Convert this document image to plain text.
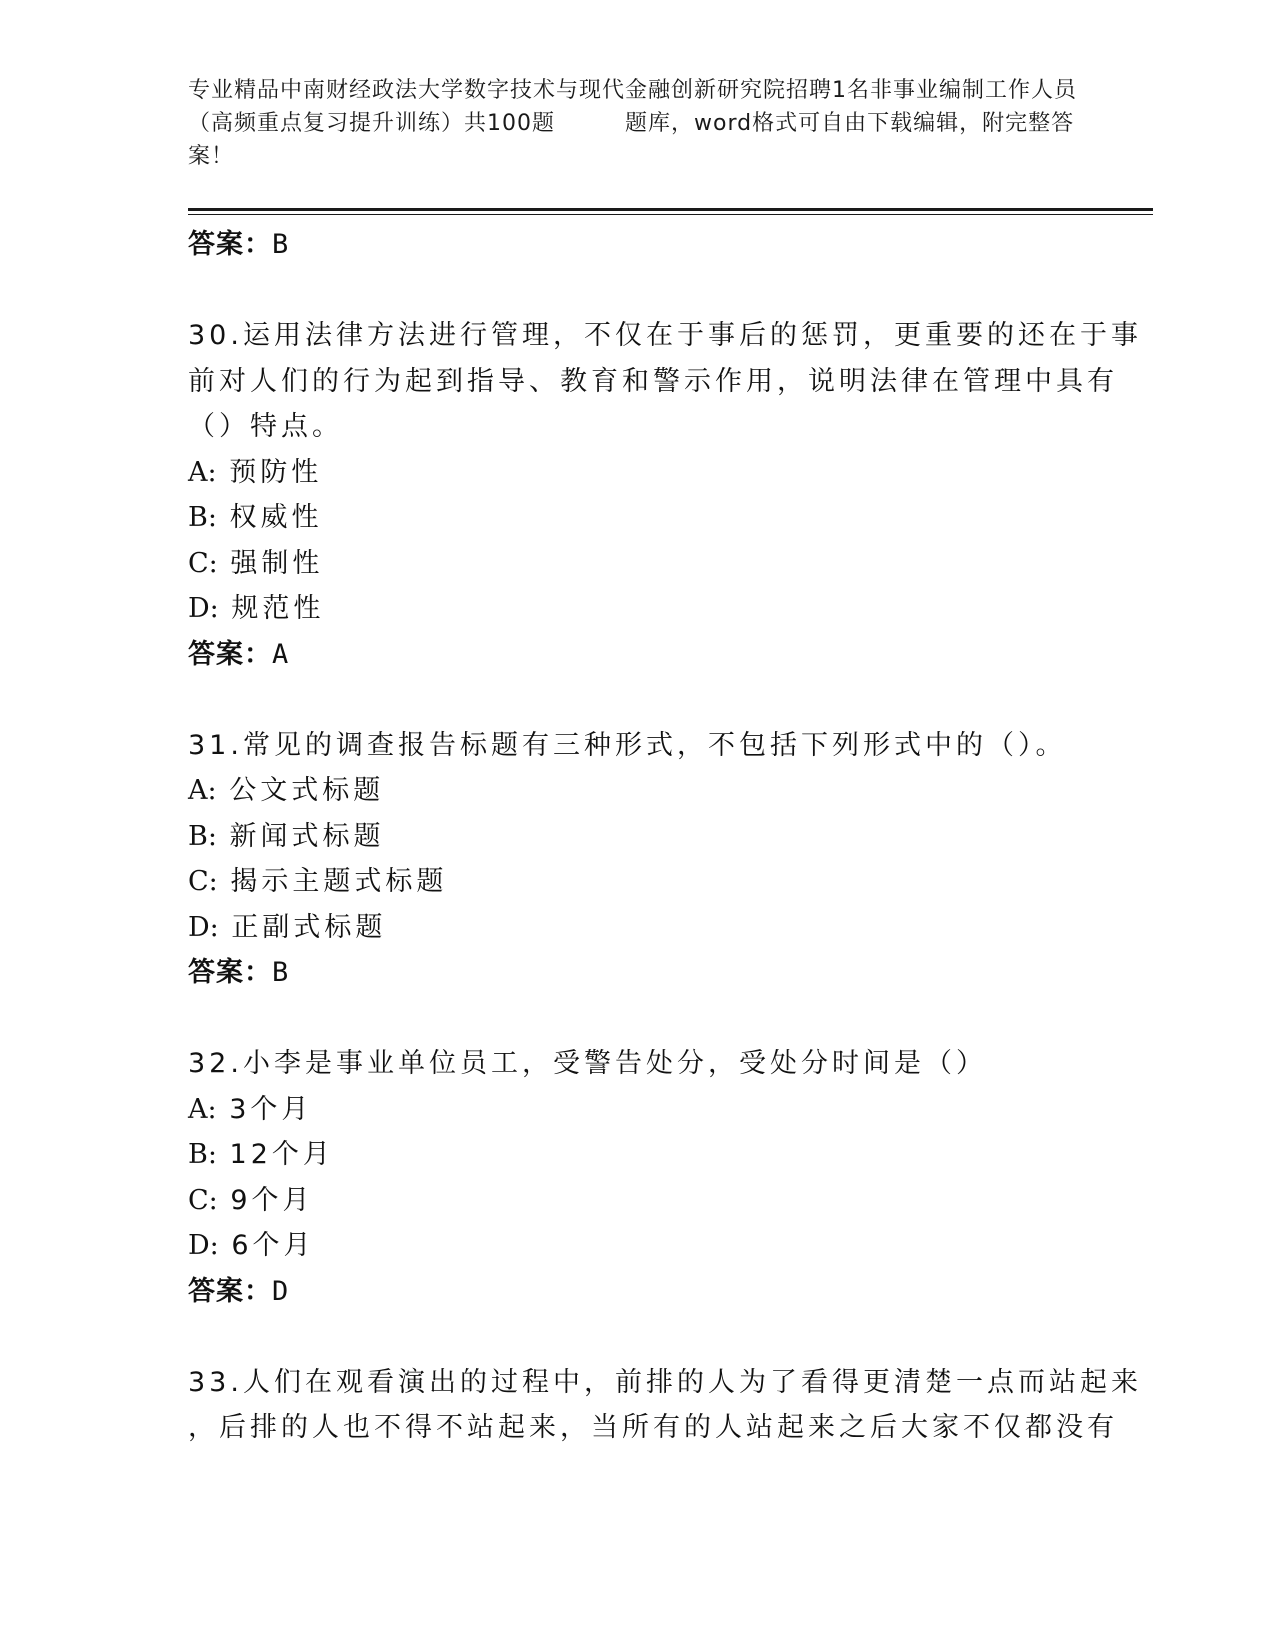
专业精品中南财经政法大学数字技术与现代金融创新研究院招聘1名非事业编制工作人员（高频重点复习提升训练）共100题	题库，word格式可自由下载编辑，附完整答案！
答案：B
30.运用法律方法进行管理，不仅在于事后的惩罚，更重要的还在于事
前对人们的行为起到指导、教育和警示作用，说明法律在管理中具有
（）特点。
A: 预防性
B: 权威性
C: 强制性
D: 规范性
答案：A
31.常见的调查报告标题有三种形式，不包括下列形式中的（）。
A: 公文式标题
B: 新闻式标题
C: 揭示主题式标题
D: 正副式标题
答案：B
32.小李是事业单位员工，受警告处分，受处分时间是（）
A: 3个月
B: 12个月
C: 9个月
D: 6个月
答案：D
33.人们在观看演出的过程中，前排的人为了看得更清楚一点而站起来
，后排的人也不得不站起来，当所有的人站起来之后大家不仅都没有
